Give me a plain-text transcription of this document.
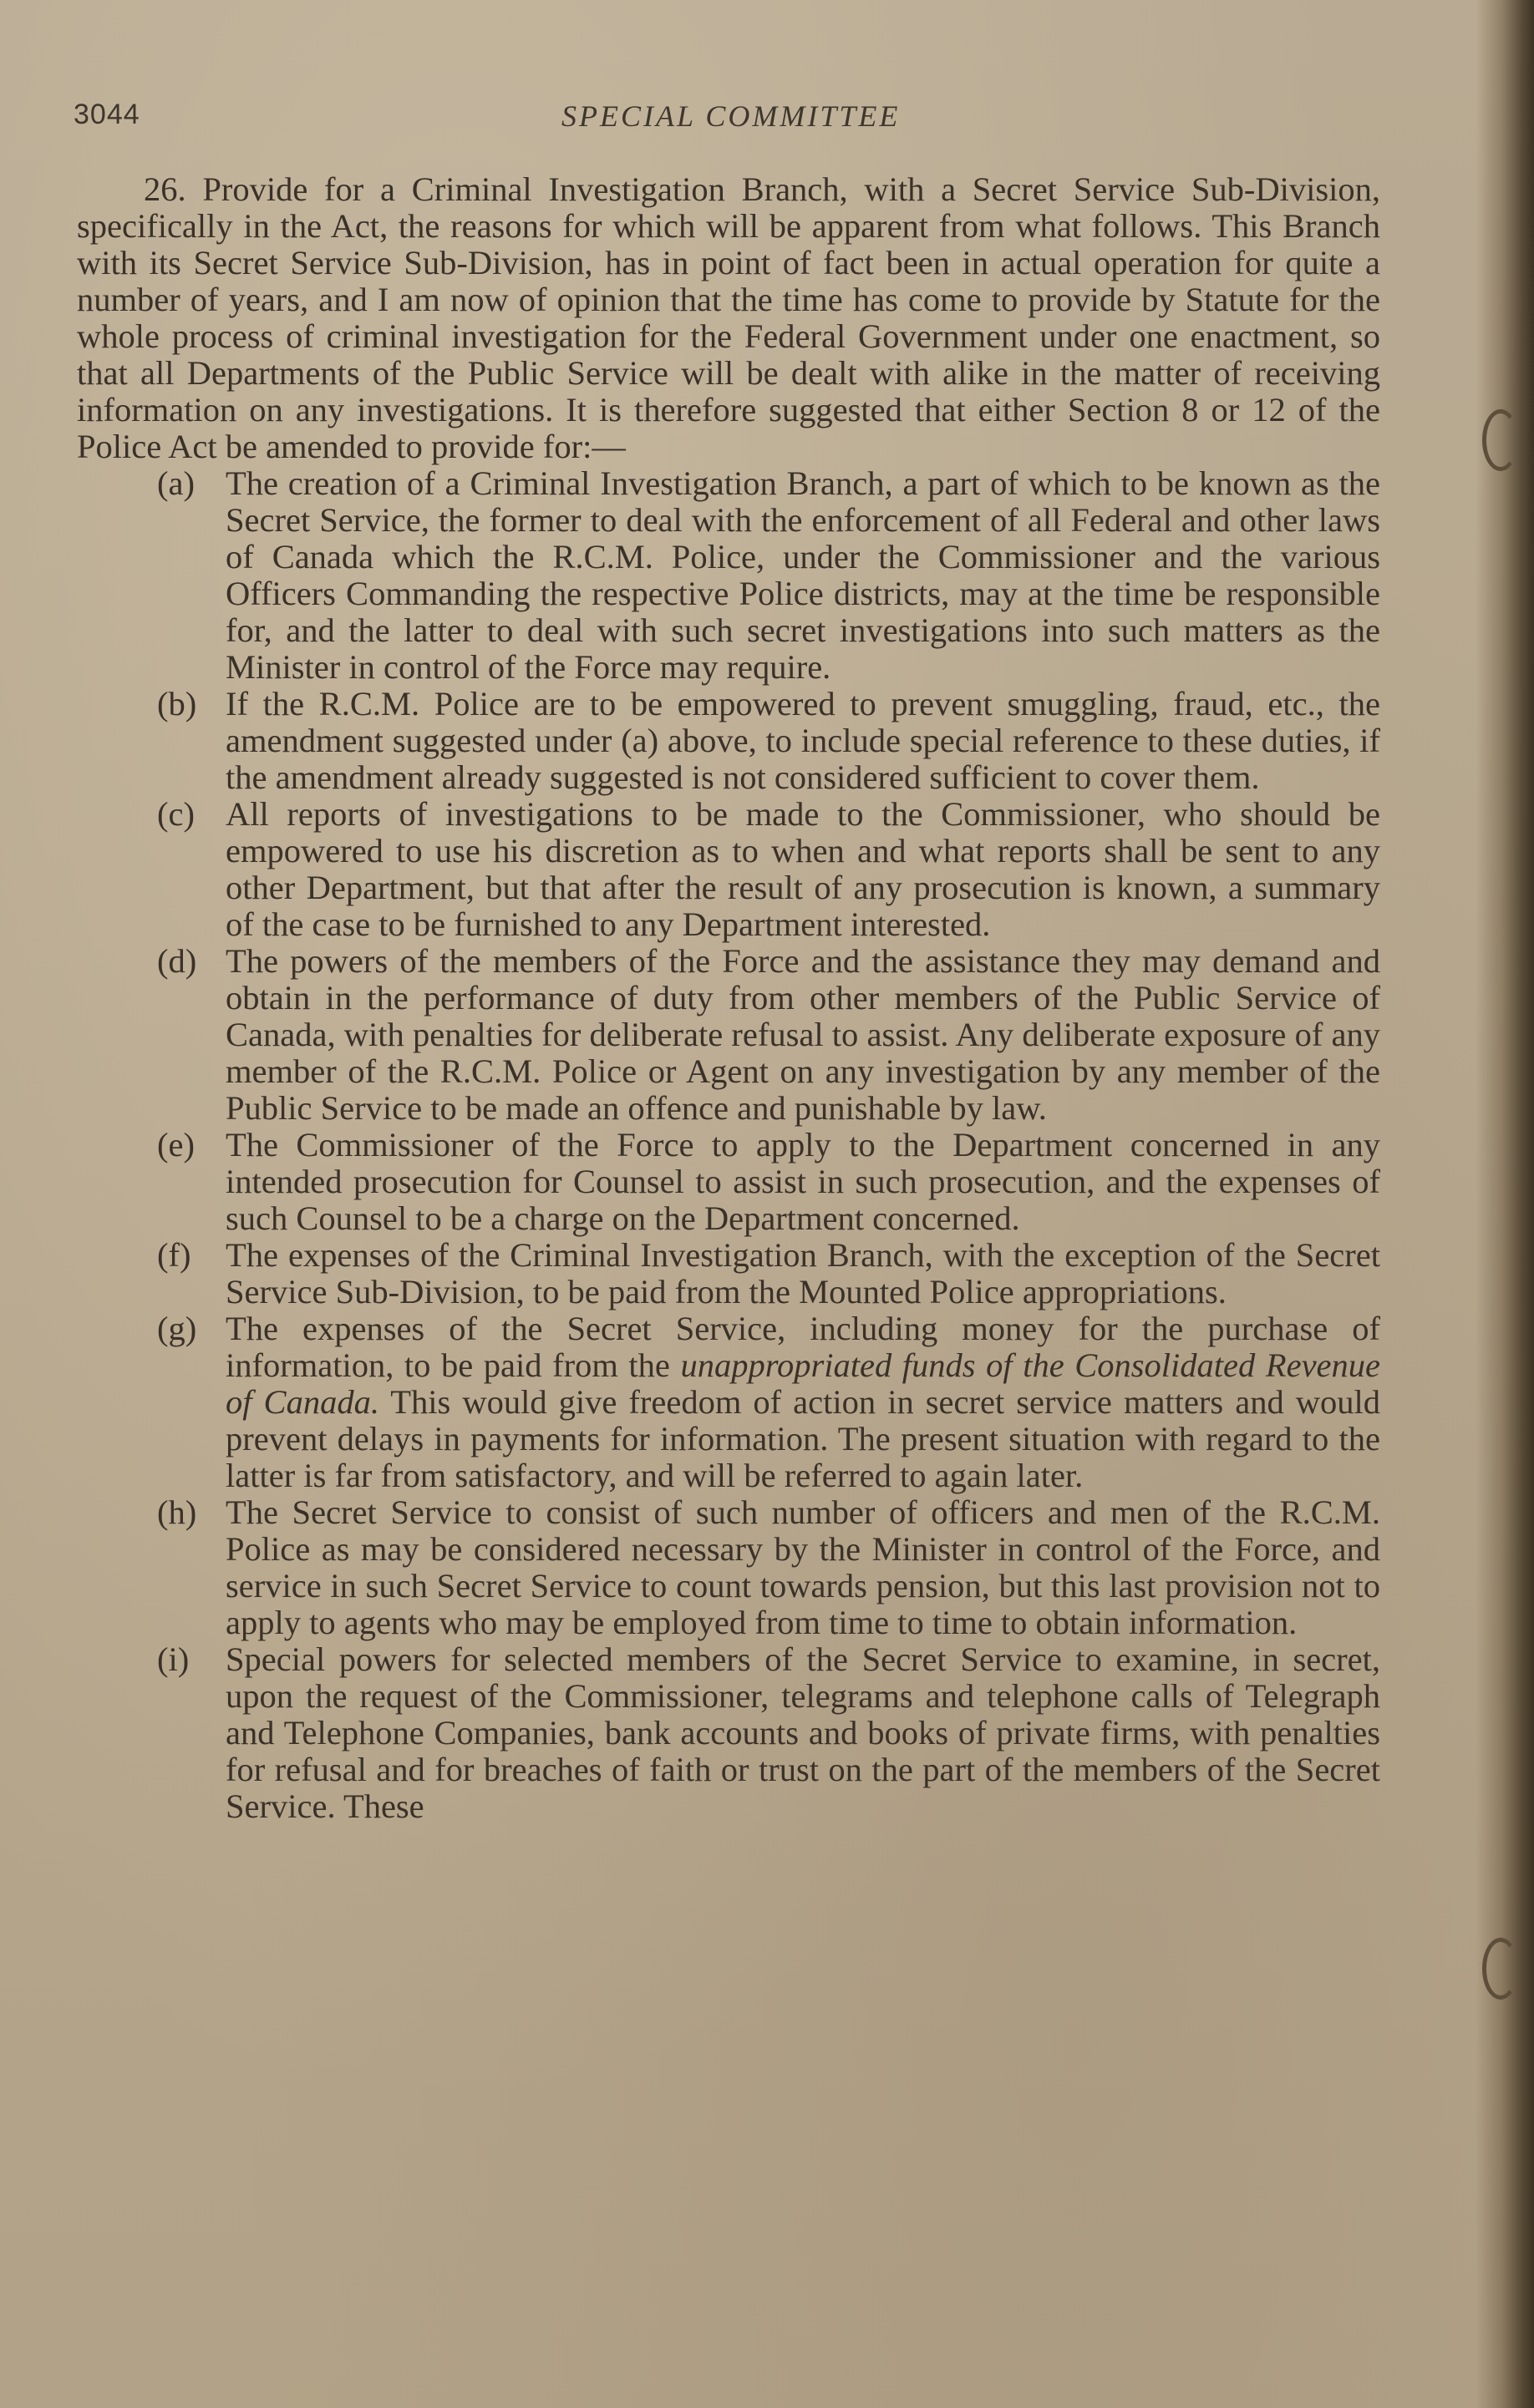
3044	SPECIAL COMMITTEE

26. Provide for a Criminal Investigation Branch, with a Secret Service Sub-Division, specifically in the Act, the reasons for which will be apparent from what follows. This Branch with its Secret Service Sub-Division, has in point of fact been in actual operation for quite a number of years, and I am now of opinion that the time has come to provide by Statute for the whole process of criminal investigation for the Federal Government under one enactment, so that all Departments of the Public Service will be dealt with alike in the matter of receiving information on any investigations. It is therefore suggested that either Section 8 or 12 of the Police Act be amended to provide for:—

(a) The creation of a Criminal Investigation Branch, a part of which to be known as the Secret Service, the former to deal with the enforcement of all Federal and other laws of Canada which the R.C.M. Police, under the Commissioner and the various Officers Commanding the respective Police districts, may at the time be responsible for, and the latter to deal with such secret investigations into such matters as the Minister in control of the Force may require.
(b) If the R.C.M. Police are to be empowered to prevent smuggling, fraud, etc., the amendment suggested under (a) above, to include special reference to these duties, if the amendment already suggested is not considered sufficient to cover them.
(c) All reports of investigations to be made to the Commissioner, who should be empowered to use his discretion as to when and what reports shall be sent to any other Department, but that after the result of any prosecution is known, a summary of the case to be furnished to any Department interested.
(d) The powers of the members of the Force and the assistance they may demand and obtain in the performance of duty from other members of the Public Service of Canada, with penalties for deliberate refusal to assist. Any deliberate exposure of any member of the R.C.M. Police or Agent on any investigation by any member of the Public Service to be made an offence and punishable by law.
(e) The Commissioner of the Force to apply to the Department concerned in any intended prosecution for Counsel to assist in such prosecution, and the expenses of such Counsel to be a charge on the Department concerned.
(f) The expenses of the Criminal Investigation Branch, with the exception of the Secret Service Sub-Division, to be paid from the Mounted Police appropriations.
(g) The expenses of the Secret Service, including money for the purchase of information, to be paid from the unappropriated funds of the Consolidated Revenue of Canada. This would give freedom of action in secret service matters and would prevent delays in payments for information. The present situation with regard to the latter is far from satisfactory, and will be referred to again later.
(h) The Secret Service to consist of such number of officers and men of the R.C.M. Police as may be considered necessary by the Minister in control of the Force, and service in such Secret Service to count towards pension, but this last provision not to apply to agents who may be employed from time to time to obtain information.
(i) Special powers for selected members of the Secret Service to examine, in secret, upon the request of the Commissioner, telegrams and telephone calls of Telegraph and Telephone Companies, bank accounts and books of private firms, with penalties for refusal and for breaches of faith or trust on the part of the members of the Secret Service. These
